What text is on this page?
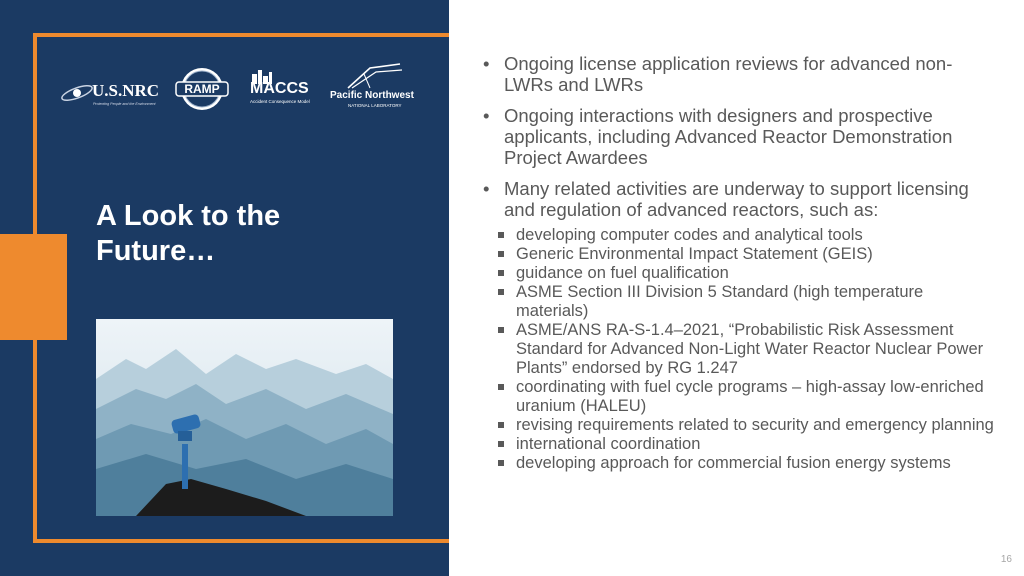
U.S.NRC
Protecting People and the Environment
RAMP	MACCS
Accident Consequence Model
Pacific Northwest
NATIONAL LABORATORY
A Look to the
Future…
• Ongoing license application reviews for advanced non-LWRs and LWRs
• Ongoing interactions with designers and prospective applicants, including Advanced Reactor Demonstration Project Awardees
• Many related activities are underway to support licensing and regulation of advanced reactors, such as:
developing computer codes and analytical tools
Generic Environmental Impact Statement (GEIS)
guidance on fuel qualification
ASME Section III Division 5 Standard (high temperature materials)
ASME/ANS RA-S-1.4–2021, “Probabilistic Risk Assessment Standard for Advanced Non-Light Water Reactor Nuclear Power Plants” endorsed by RG 1.247
coordinating with fuel cycle programs – high-assay low-enriched uranium (HALEU)
revising requirements related to security and emergency planning
international coordination
developing approach for commercial fusion energy systems
16
